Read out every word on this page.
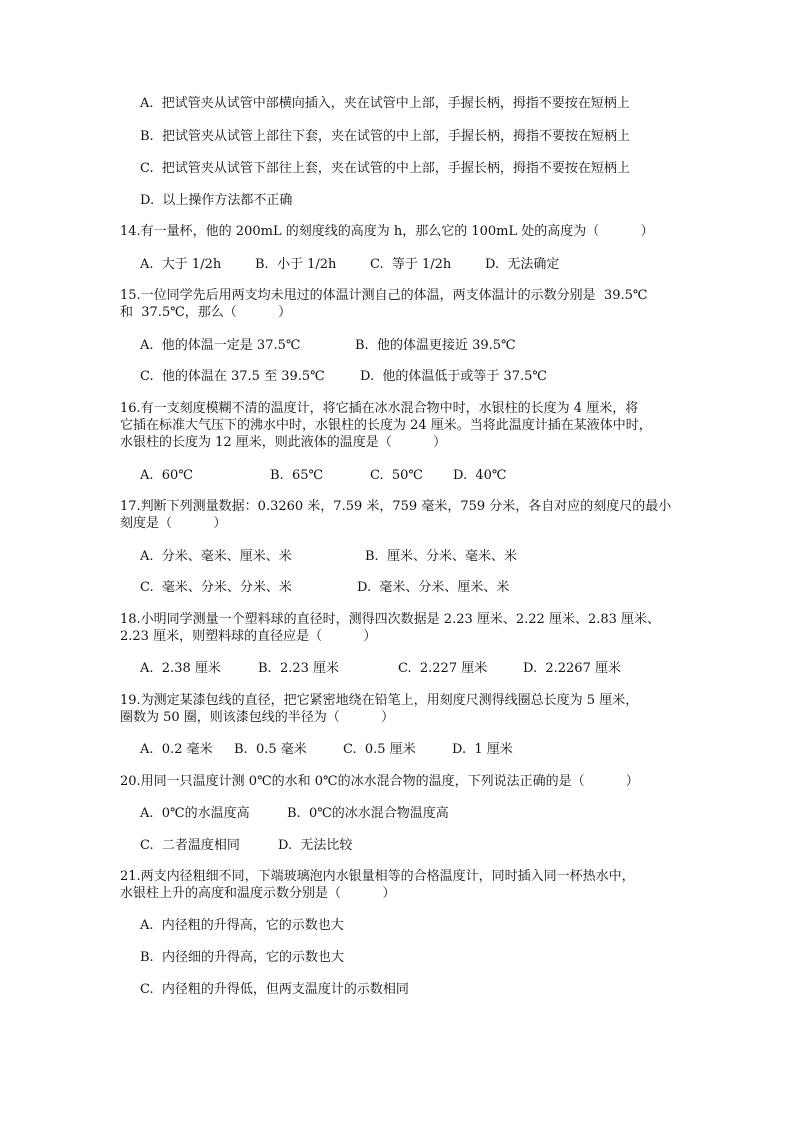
A.  把试管夹从试管中部横向插入，夹在试管中上部，手握长柄，拇指不要按在短柄上
B.  把试管夹从试管上部往下套，夹在试管的中上部，手握长柄，拇指不要按在短柄上
C.  把试管夹从试管下部往上套，夹在试管的中上部，手握长柄，拇指不要按在短柄上
D.  以上操作方法都不正确
14.有一量杯，他的 200mL 的刻度线的高度为 h，那么它的 100mL 处的高度为（          ）

A.  大于 1/2h

	B.  小于 1/2h

	C.  等于 1/2h

	D.  无法确定

15.一位同学先后用两支均未甩过的体温计测自己的体温，两支体温计的示数分别是  39.5℃
和  37.5℃，那么（          ）

A.  他的体温一定是 37.5℃

	B.  他的体温更接近 39.5℃

C.  他的体温在 37.5 至 39.5℃

	D.  他的体温低于或等于 37.5℃

16.有一支刻度模糊不清的温度计，将它插在冰水混合物中时，水银柱的长度为 4 厘米，将
它插在标准大气压下的沸水中时，水银柱的长度为 24 厘米。当将此温度计插在某液体中时，
水银柱的长度为 12 厘米，则此液体的温度是（          ）

A.  60℃

	B.  65℃

	C.  50℃

D.  40℃

17.判断下列测量数据：0.3260 米，7.59 米，759 毫米，759 分米，各自对应的刻度尺的最小
刻度是（          ）

A.  分米、毫米、厘米、米

	B.  厘米、分米、毫米、米

C.  毫米、分米、分米、米

	D.  毫米、分米、厘米、米

18.小明同学测量一个塑料球的直径时，测得四次数据是 2.23 厘米、2.22 厘米、2.83 厘米、
2.23 厘米，则塑料球的直径应是（          ）

A.  2.38 厘米

	B.  2.23 厘米

	C.  2.227 厘米

	D.  2.2267 厘米

19.为测定某漆包线的直径，把它紧密地绕在铅笔上，用刻度尺测得线圈总长度为 5 厘米，
圈数为 50 圈，则该漆包线的半径为（          ）

A.  0.2 毫米

B.  0.5 毫米

	C.  0.5 厘米

	D.  1 厘米

20.用同一只温度计测 0℃的水和 0℃的冰水混合物的温度，下列说法正确的是（          ）

A.  0℃的水温度高

	B.  0℃的冰水混合物温度高

C.  二者温度相同

	D.  无法比较

21.两支内径粗细不同，下端玻璃泡内水银量相等的合格温度计，同时插入同一杯热水中，
水银柱上升的高度和温度示数分别是（          ）
A.  内径粗的升得高，它的示数也大
B.  内径细的升得高，它的示数也大
C.  内径粗的升得低，但两支温度计的示数相同
